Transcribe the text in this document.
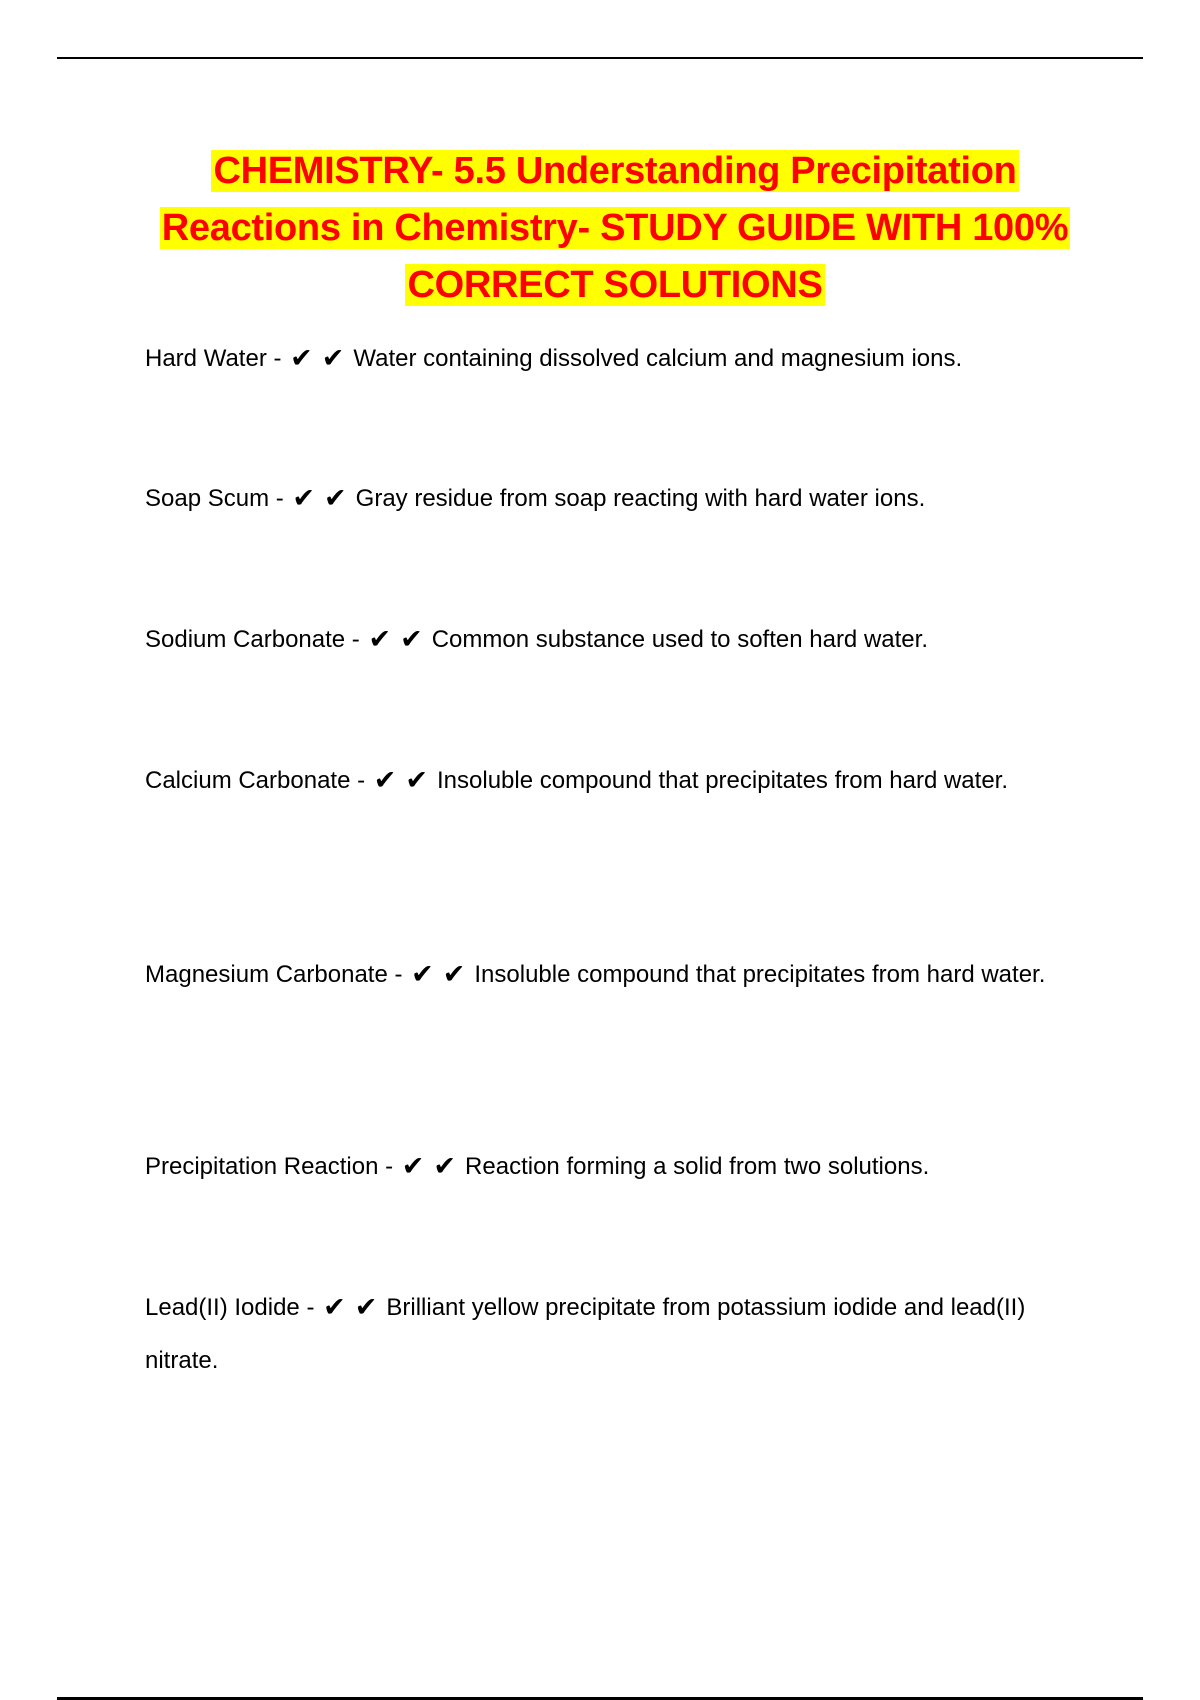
CHEMISTRY- 5.5 Understanding Precipitation
Reactions in Chemistry- STUDY GUIDE WITH 100%
CORRECT SOLUTIONS

Hard Water - ✔ ✔ Water containing dissolved calcium and magnesium ions.

Soap Scum - ✔ ✔ Gray residue from soap reacting with hard water ions.

Sodium Carbonate - ✔ ✔ Common substance used to soften hard water.

Calcium Carbonate - ✔ ✔ Insoluble compound that precipitates from hard water.

Magnesium Carbonate - ✔ ✔ Insoluble compound that precipitates from hard water.

Precipitation Reaction - ✔ ✔ Reaction forming a solid from two solutions.

Lead(II) Iodide - ✔ ✔ Brilliant yellow precipitate from potassium iodide and lead(II) nitrate.
